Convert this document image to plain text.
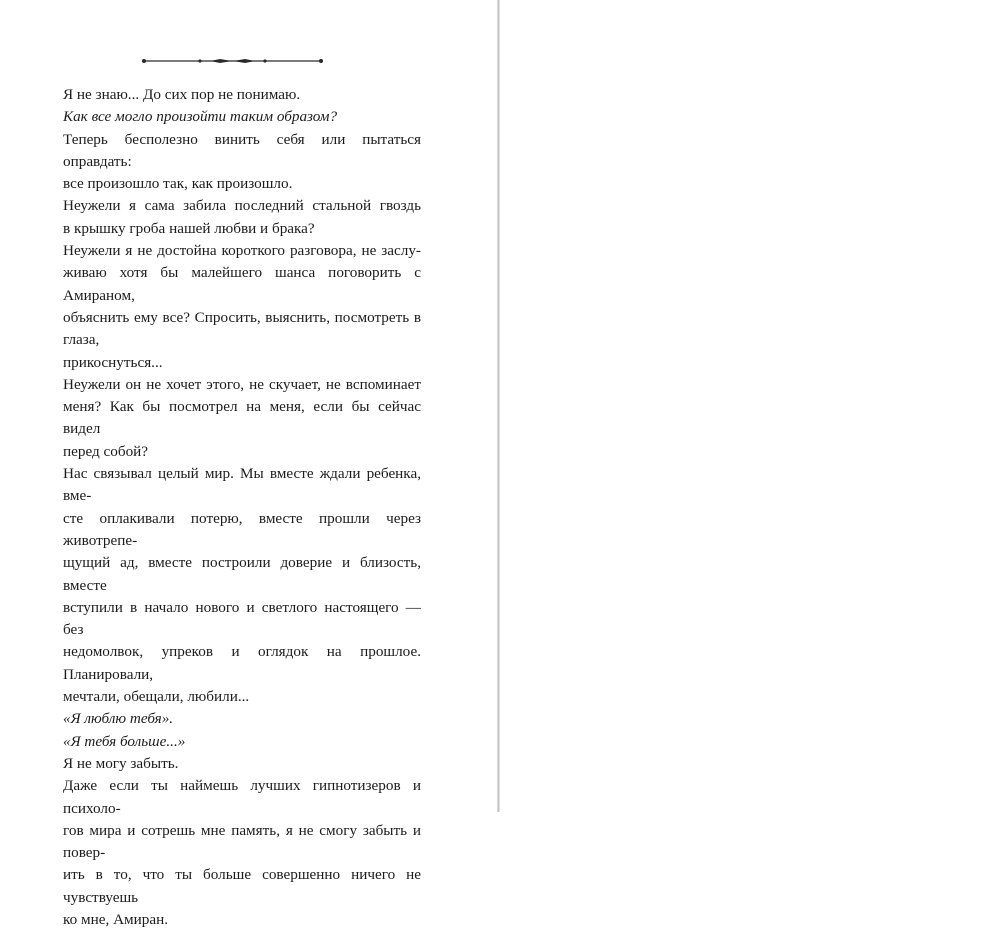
Я не знаю... До сих пор не понимаю.
Как все могло произойти таким образом?
Теперь бесполезно винить себя или пытаться оправдать:
все произошло так, как произошло.
Неужели я сама забила последний стальной гвоздь
в крышку гроба нашей любви и брака?
Неужели я не достойна короткого разговора, не заслу-
живаю хотя бы малейшего шанса поговорить с Амираном,
объяснить ему все? Спросить, выяснить, посмотреть в глаза,
прикоснуться...
Неужели он не хочет этого, не скучает, не вспоминает
меня? Как бы посмотрел на меня, если бы сейчас видел
перед собой?
Нас связывал целый мир. Мы вместе ждали ребенка, вме-
сте оплакивали потерю, вместе прошли через животрепе-
щущий ад, вместе построили доверие и близость, вместе
вступили в начало нового и светлого настоящего — без
недомолвок, упреков и оглядок на прошлое. Планировали,
мечтали, обещали, любили...
«Я люблю тебя».
«Я тебя больше...»
Я не могу забыть.
Даже если ты наймешь лучших гипнотизеров и психоло-
гов мира и сотрешь мне память, я не смогу забыть и повер-
ить в то, что ты больше совершенно ничего не чувствуешь
ко мне, Амиран.
